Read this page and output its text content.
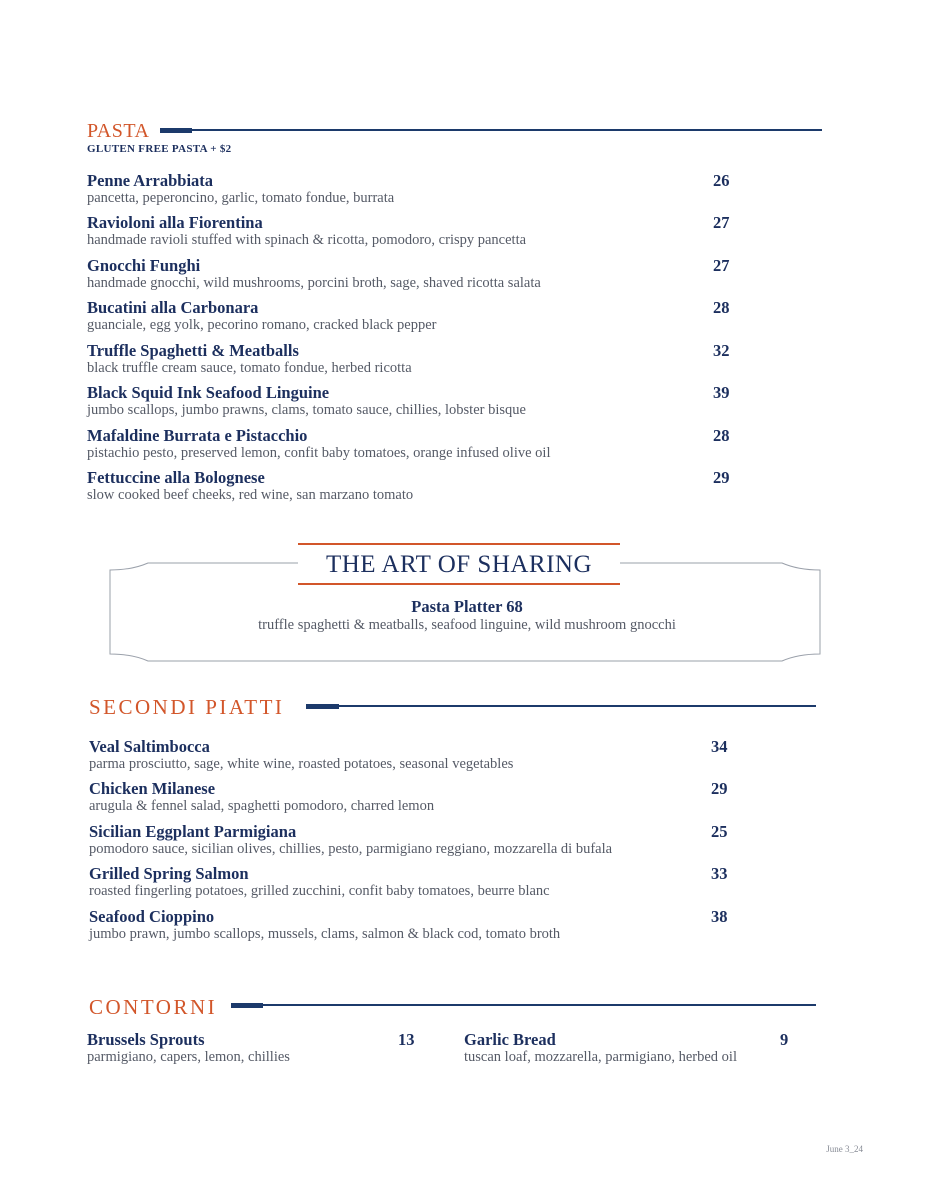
PASTA
GLUTEN FREE PASTA + $2
Penne Arrabbiata
pancetta, peperoncino, garlic, tomato fondue, burrata
26
Ravioloni alla Fiorentina
handmade ravioli stuffed with spinach & ricotta, pomodoro, crispy pancetta
27
Gnocchi Funghi
handmade gnocchi, wild mushrooms, porcini broth, sage, shaved ricotta salata
27
Bucatini alla Carbonara
guanciale, egg yolk, pecorino romano, cracked black pepper
28
Truffle Spaghetti & Meatballs
black truffle cream sauce, tomato fondue, herbed ricotta
32
Black Squid Ink Seafood Linguine
jumbo scallops, jumbo prawns, clams, tomato sauce, chillies, lobster bisque
39
Mafaldine Burrata e Pistacchio
pistachio pesto, preserved lemon, confit baby tomatoes, orange infused olive oil
28
Fettuccine alla Bolognese
slow cooked beef cheeks, red wine, san marzano tomato
29
THE ART OF SHARING
Pasta Platter 68
truffle spaghetti & meatballs, seafood linguine, wild mushroom gnocchi
SECONDI PIATTI
Veal Saltimbocca
parma prosciutto, sage, white wine, roasted potatoes, seasonal vegetables
34
Chicken Milanese
arugula & fennel salad, spaghetti pomodoro, charred lemon
29
Sicilian Eggplant Parmigiana
pomodoro sauce, sicilian olives, chillies, pesto, parmigiano reggiano, mozzarella di bufala
25
Grilled Spring Salmon
roasted fingerling potatoes, grilled zucchini, confit baby tomatoes, beurre blanc
33
Seafood Cioppino
jumbo prawn, jumbo scallops, mussels, clams, salmon & black cod, tomato broth
38
CONTORNI
Brussels Sprouts
parmigiano, capers, lemon, chillies
13	Garlic Bread
tuscan loaf, mozzarella, parmigiano, herbed oil
9
June 3_24
